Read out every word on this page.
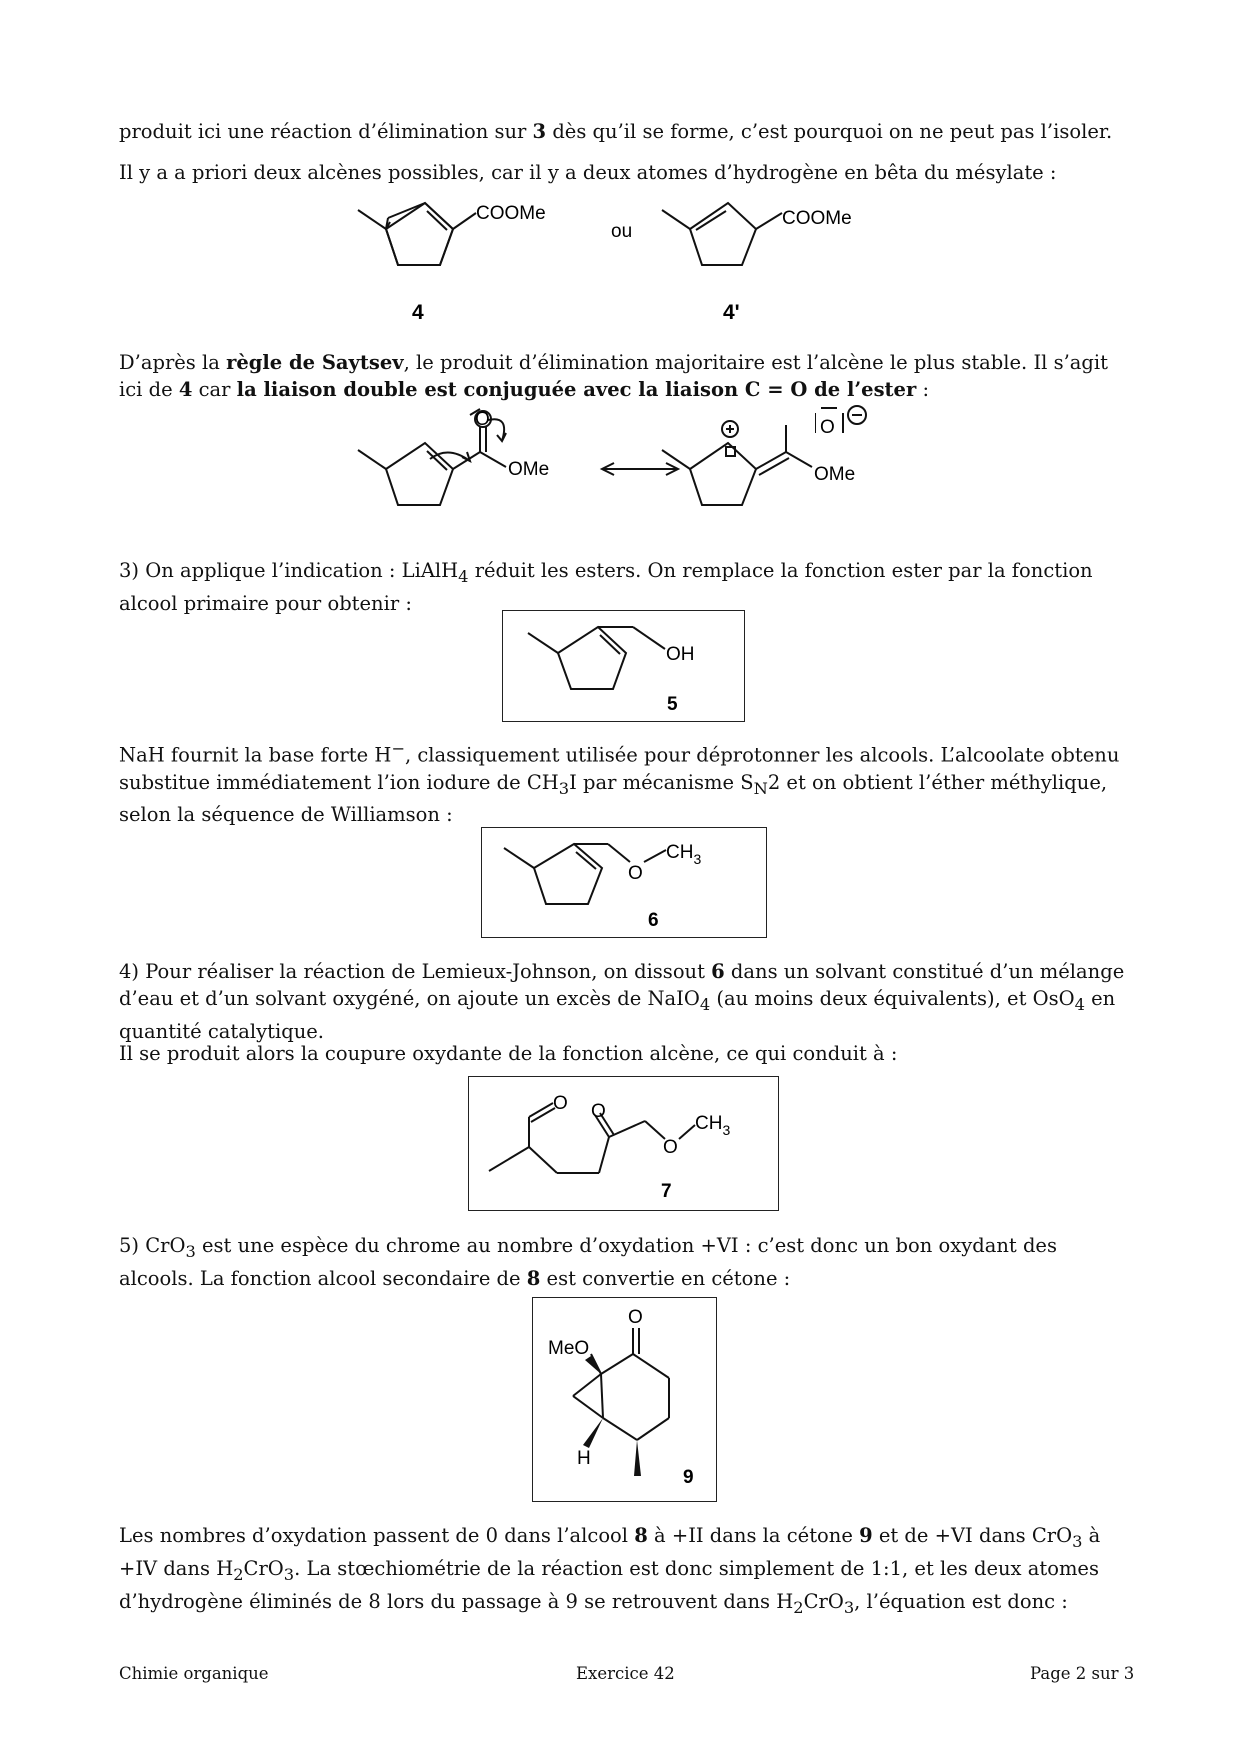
produit ici une réaction d’élimination sur 3 dès qu’il se forme, c’est pourquoi on ne peut pas l’isoler.

Il y a a priori deux alcènes possibles, car il y a deux atomes d’hydrogène en bêta du mésylate :

COOMe	COOMe
ou
4	4'

D’après la règle de Saytsev, le produit d’élimination majoritaire est l’alcène le plus stable. Il s’agit ici de 4 car la liaison double est conjuguée avec la liaison C = O de l’ester :

O
OMe	OMe
O

3) On applique l’indication : LiAlH$_4$ réduit les esters. On remplace la fonction ester par la fonction alcool primaire pour obtenir :

OH
5

NaH fournit la base forte H−, classiquement utilisée pour déprotonner les alcools. L’alcoolate obtenu substitue immédiatement l’ion iodure de $CH_3I$ par mécanisme $S_N2$ et on obtient l’éther méthylique, selon la séquence de Williamson :

O
$CH_3$
6

4) Pour réaliser la réaction de Lemieux-Johnson, on dissout 6 dans un solvant constitué d’un mélange d’eau et d’un solvant oxygéné, on ajoute un excès de NaIO$_4$ (au moins deux équivalents), et OsO$_4$ en quantité catalytique.

Il se produit alors la coupure oxydante de la fonction alcène, ce qui conduit à :

O O
O
$CH_3$
7

5) CrO$_3$ est une espèce du chrome au nombre d’oxydation +VI : c’est donc un bon oxydant des alcools. La fonction alcool secondaire de 8 est convertie en cétone :

O
MeO
H
9

Les nombres d’oxydation passent de 0 dans l’alcool 8 à +II dans la cétone 9 et de +VI dans CrO$_3$ à +IV dans $H_2CrO_3$. La stœchiométrie de la réaction est donc simplement de 1:1, et les deux atomes d’hydrogène éliminés de 8 lors du passage à 9 se retrouvent dans $H_2CrO_3$, l’équation est donc :

Chimie organique	Exercice 42	Page 2 sur 3
